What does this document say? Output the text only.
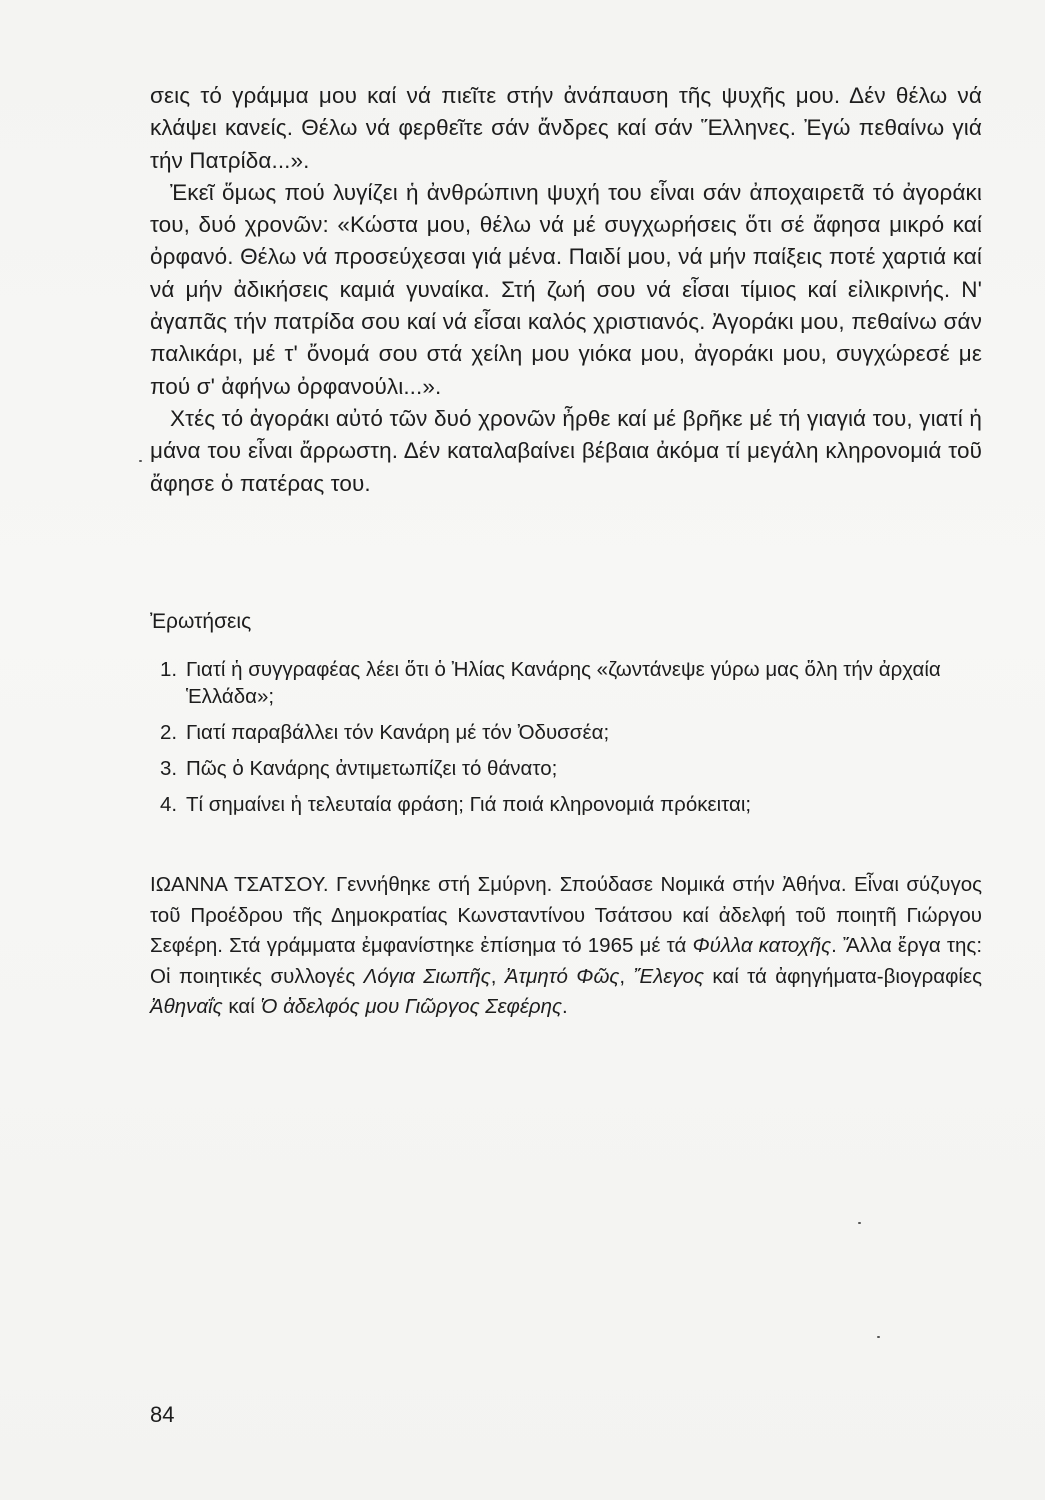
σεις τό γράμμα μου καί νά πιεῖτε στήν ἀνάπαυση τῆς ψυχῆς μου. Δέν θέλω νά κλάψει κανείς. Θέλω νά φερθεῖτε σάν ἄνδρες καί σάν Ἕλληνες. Ἐγώ πεθαίνω γιά τήν Πατρίδα...».

Ἐκεῖ ὅμως πού λυγίζει ἡ ἀνθρώπινη ψυχή του εἶναι σάν ἀποχαιρετᾶ τό ἀγοράκι του, δυό χρονῶν: «Κώστα μου, θέλω νά μέ συγχωρήσεις ὅτι σέ ἄφησα μικρό καί ὀρφανό. Θέλω νά προσεύχεσαι γιά μένα. Παιδί μου, νά μήν παίξεις ποτέ χαρτιά καί νά μήν ἀδικήσεις καμιά γυναίκα. Στή ζωή σου νά εἶσαι τίμιος καί εἰλικρινής. Ν' ἀγαπᾶς τήν πατρίδα σου καί νά εἶσαι καλός χριστιανός. Ἀγοράκι μου, πεθαίνω σάν παλικάρι, μέ τ' ὄνομά σου στά χείλη μου γιόκα μου, ἀγοράκι μου, συγχώρεσέ με πού σ' ἀφήνω ὀρφανούλι...».

Χτές τό ἀγοράκι αὐτό τῶν δυό χρονῶν ἦρθε καί μέ βρῆκε μέ τή γιαγιά του, γιατί ἡ μάνα του εἶναι ἄρρωστη. Δέν καταλαβαίνει βέβαια ἀκόμα τί μεγάλη κληρονομιά τοῦ ἄφησε ὁ πατέρας του.

Ἐρωτήσεις
1. Γιατί ἡ συγγραφέας λέει ὅτι ὁ Ἠλίας Κανάρης «ζωντάνεψε γύρω μας ὅλη τήν ἀρχαία Ἑλλάδα»;
2. Γιατί παραβάλλει τόν Κανάρη μέ τόν Ὀδυσσέα;
3. Πῶς ὁ Κανάρης ἀντιμετωπίζει τό θάνατο;
4. Τί σημαίνει ἡ τελευταία φράση; Γιά ποιά κληρονομιά πρόκειται;

ΙΩΑΝΝΑ ΤΣΑΤΣΟΥ. Γεννήθηκε στή Σμύρνη. Σπούδασε Νομικά στήν Ἀθήνα. Εἶναι σύζυγος τοῦ Προέδρου τῆς Δημοκρατίας Κωνσταντίνου Τσάτσου καί ἀδελφή τοῦ ποιητῆ Γιώργου Σεφέρη. Στά γράμματα ἐμφανίστηκε ἐπίσημα τό 1965 μέ τά Φύλλα κατοχῆς. Ἄλλα ἔργα της: Οἱ ποιητικές συλλογές Λόγια Σιωπῆς, Ἀτμητό Φῶς, Ἔλεγος καί τά ἀφηγήματα-βιογραφίες Ἀθηναΐς καί Ὁ ἀδελφός μου Γιῶργος Σεφέρης.

84
